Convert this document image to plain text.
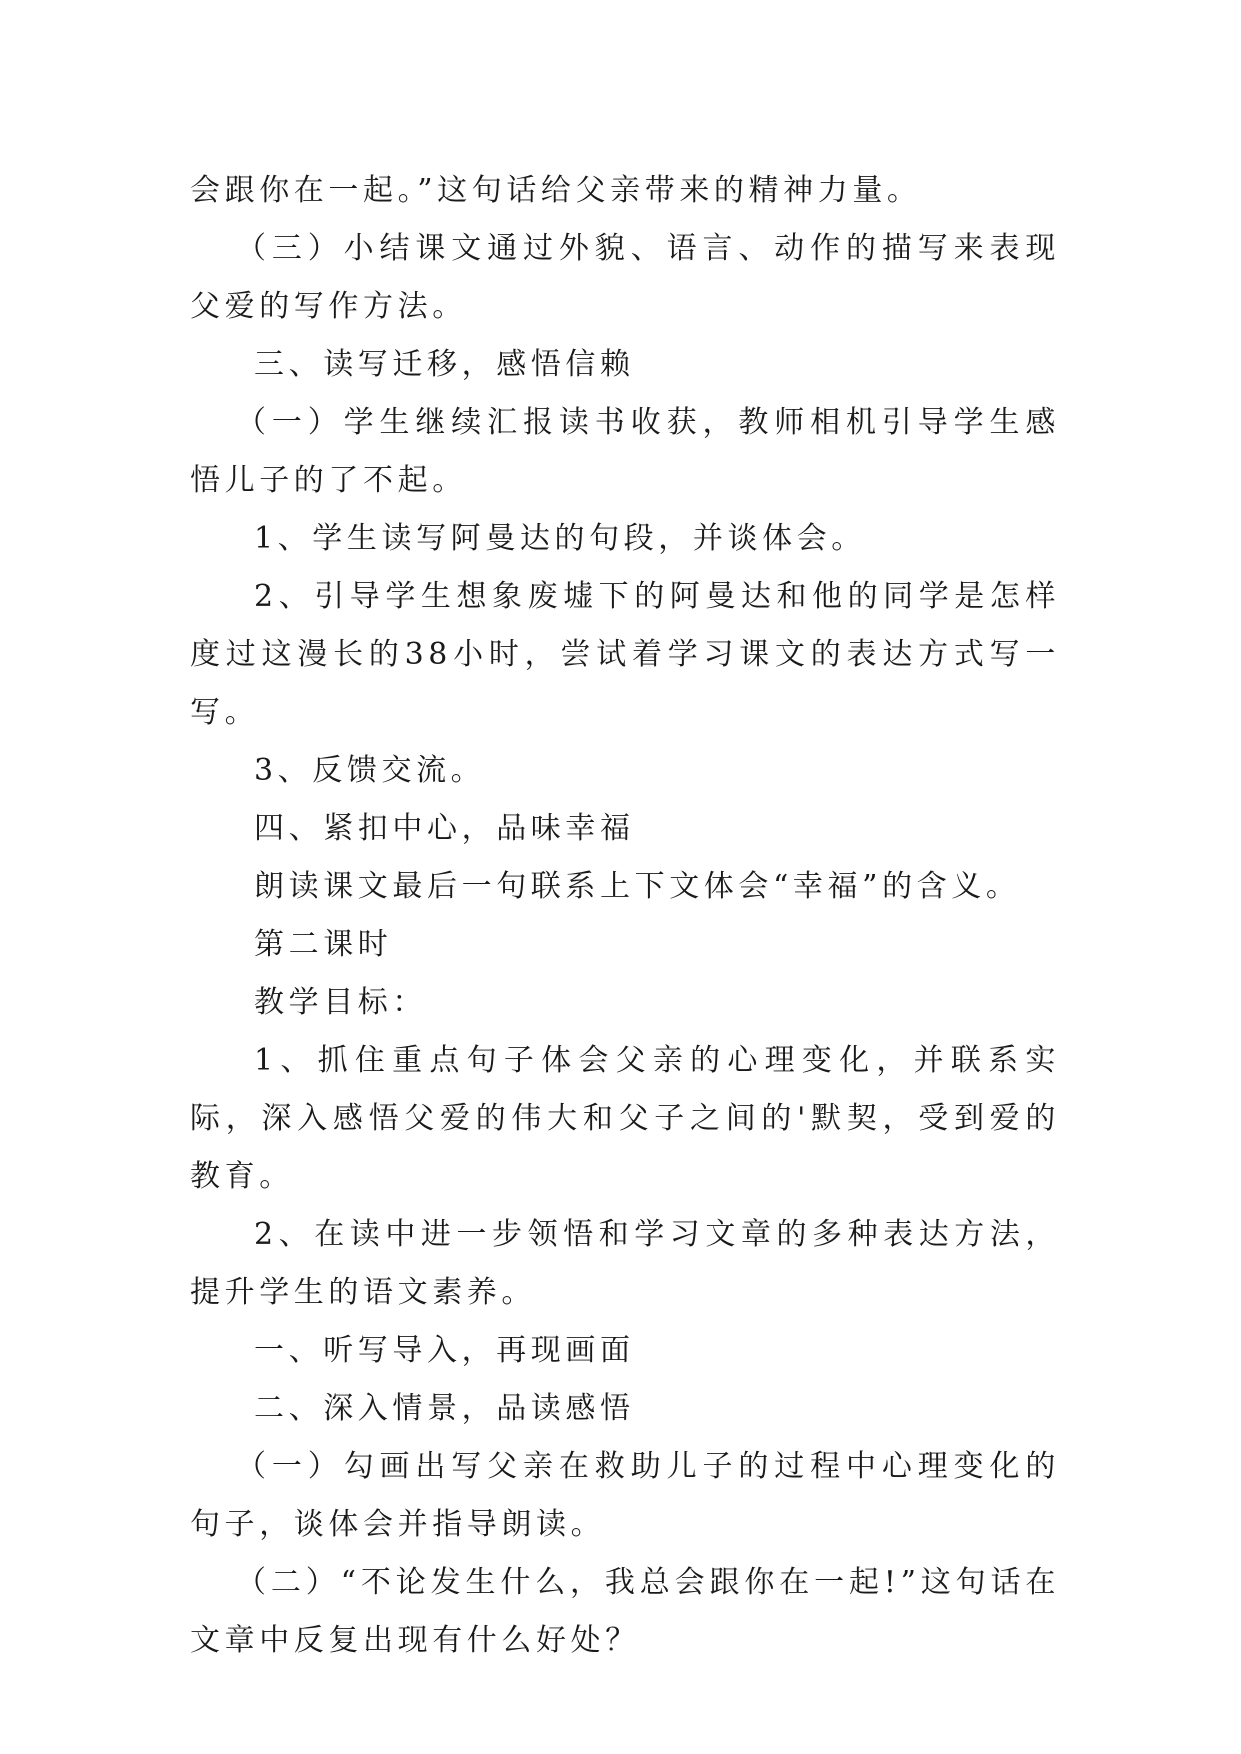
会跟你在一起。”这句话给父亲带来的精神力量。

（三）小结课文通过外貌、语言、动作的描写来表现父爱的写作方法。

三、读写迁移，感悟信赖

（一）学生继续汇报读书收获，教师相机引导学生感悟儿子的了不起。

1、学生读写阿曼达的句段，并谈体会。

2、引导学生想象废墟下的阿曼达和他的同学是怎样度过这漫长的38小时，尝试着学习课文的表达方式写一写。

3、反馈交流。

四、紧扣中心，品味幸福

朗读课文最后一句联系上下文体会“幸福”的含义。

第二课时

教学目标：

1、抓住重点句子体会父亲的心理变化，并联系实际，深入感悟父爱的伟大和父子之间的'默契，受到爱的教育。

2、在读中进一步领悟和学习文章的多种表达方法，提升学生的语文素养。

一、听写导入，再现画面

二、深入情景，品读感悟

（一）勾画出写父亲在救助儿子的过程中心理变化的句子，谈体会并指导朗读。

（二）“不论发生什么，我总会跟你在一起!”这句话在文章中反复出现有什么好处？
